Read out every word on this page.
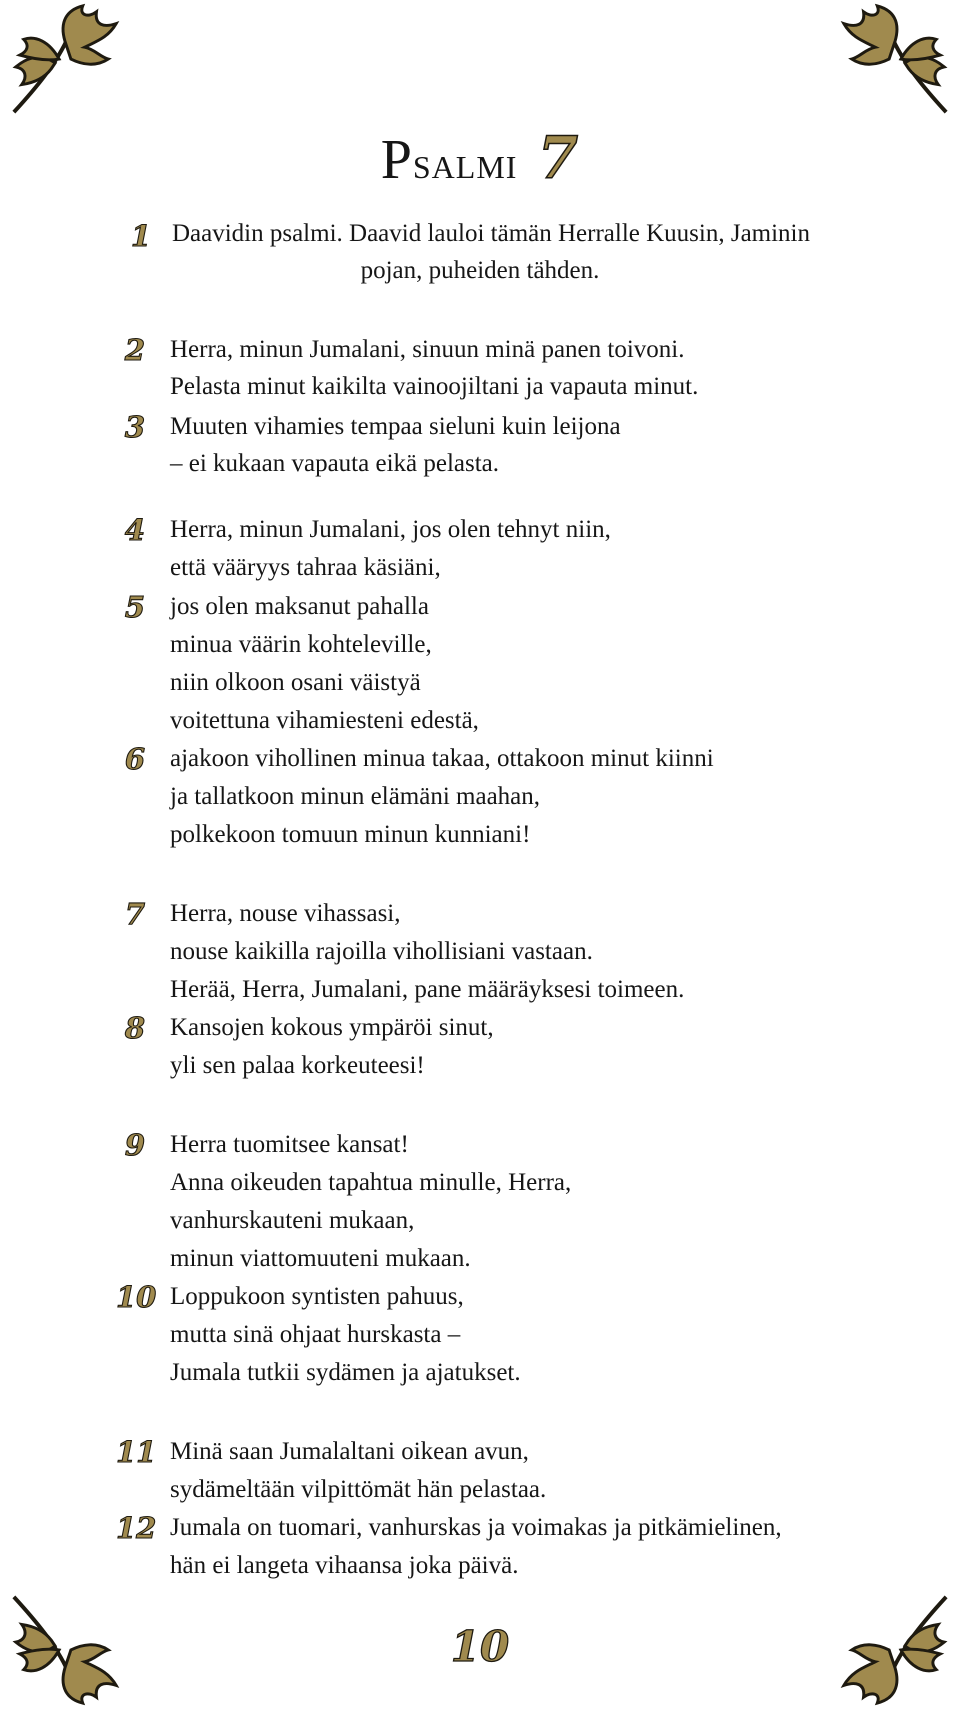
Psalmi 7
1 Daavidin psalmi. Daavid lauloi tämän Herralle Kuusin, Jaminin
pojan, puheiden tähden.
2 Herra, minun Jumalani, sinuun minä panen toivoni.
Pelasta minut kaikilta vainoojiltani ja vapauta minut.
3 Muuten vihamies tempaa sieluni kuin leijona
– ei kukaan vapauta eikä pelasta.
4 Herra, minun Jumalani, jos olen tehnyt niin,
että vääryys tahraa käsiäni,
5 jos olen maksanut pahalla
minua väärin kohteleville,
niin olkoon osani väistyä
voitettuna vihamiesteni edestä,
6 ajakoon vihollinen minua takaa, ottakoon minut kiinni
ja tallatkoon minun elämäni maahan,
polkekoon tomuun minun kunniani!
7 Herra, nouse vihassasi,
nouse kaikilla rajoilla vihollisiani vastaan.
Herää, Herra, Jumalani, pane määräyksesi toimeen.
8 Kansojen kokous ympäröi sinut,
yli sen palaa korkeuteesi!
9 Herra tuomitsee kansat!
Anna oikeuden tapahtua minulle, Herra,
vanhurskauteni mukaan,
minun viattomuuteni mukaan.
10 Loppukoon syntisten pahuus,
mutta sinä ohjaat hurskasta –
Jumala tutkii sydämen ja ajatukset.
11 Minä saan Jumalaltani oikean avun,
sydämeltään vilpittömät hän pelastaa.
12 Jumala on tuomari, vanhurskas ja voimakas ja pitkämielinen,
hän ei langeta vihaansa joka päivä.
10
